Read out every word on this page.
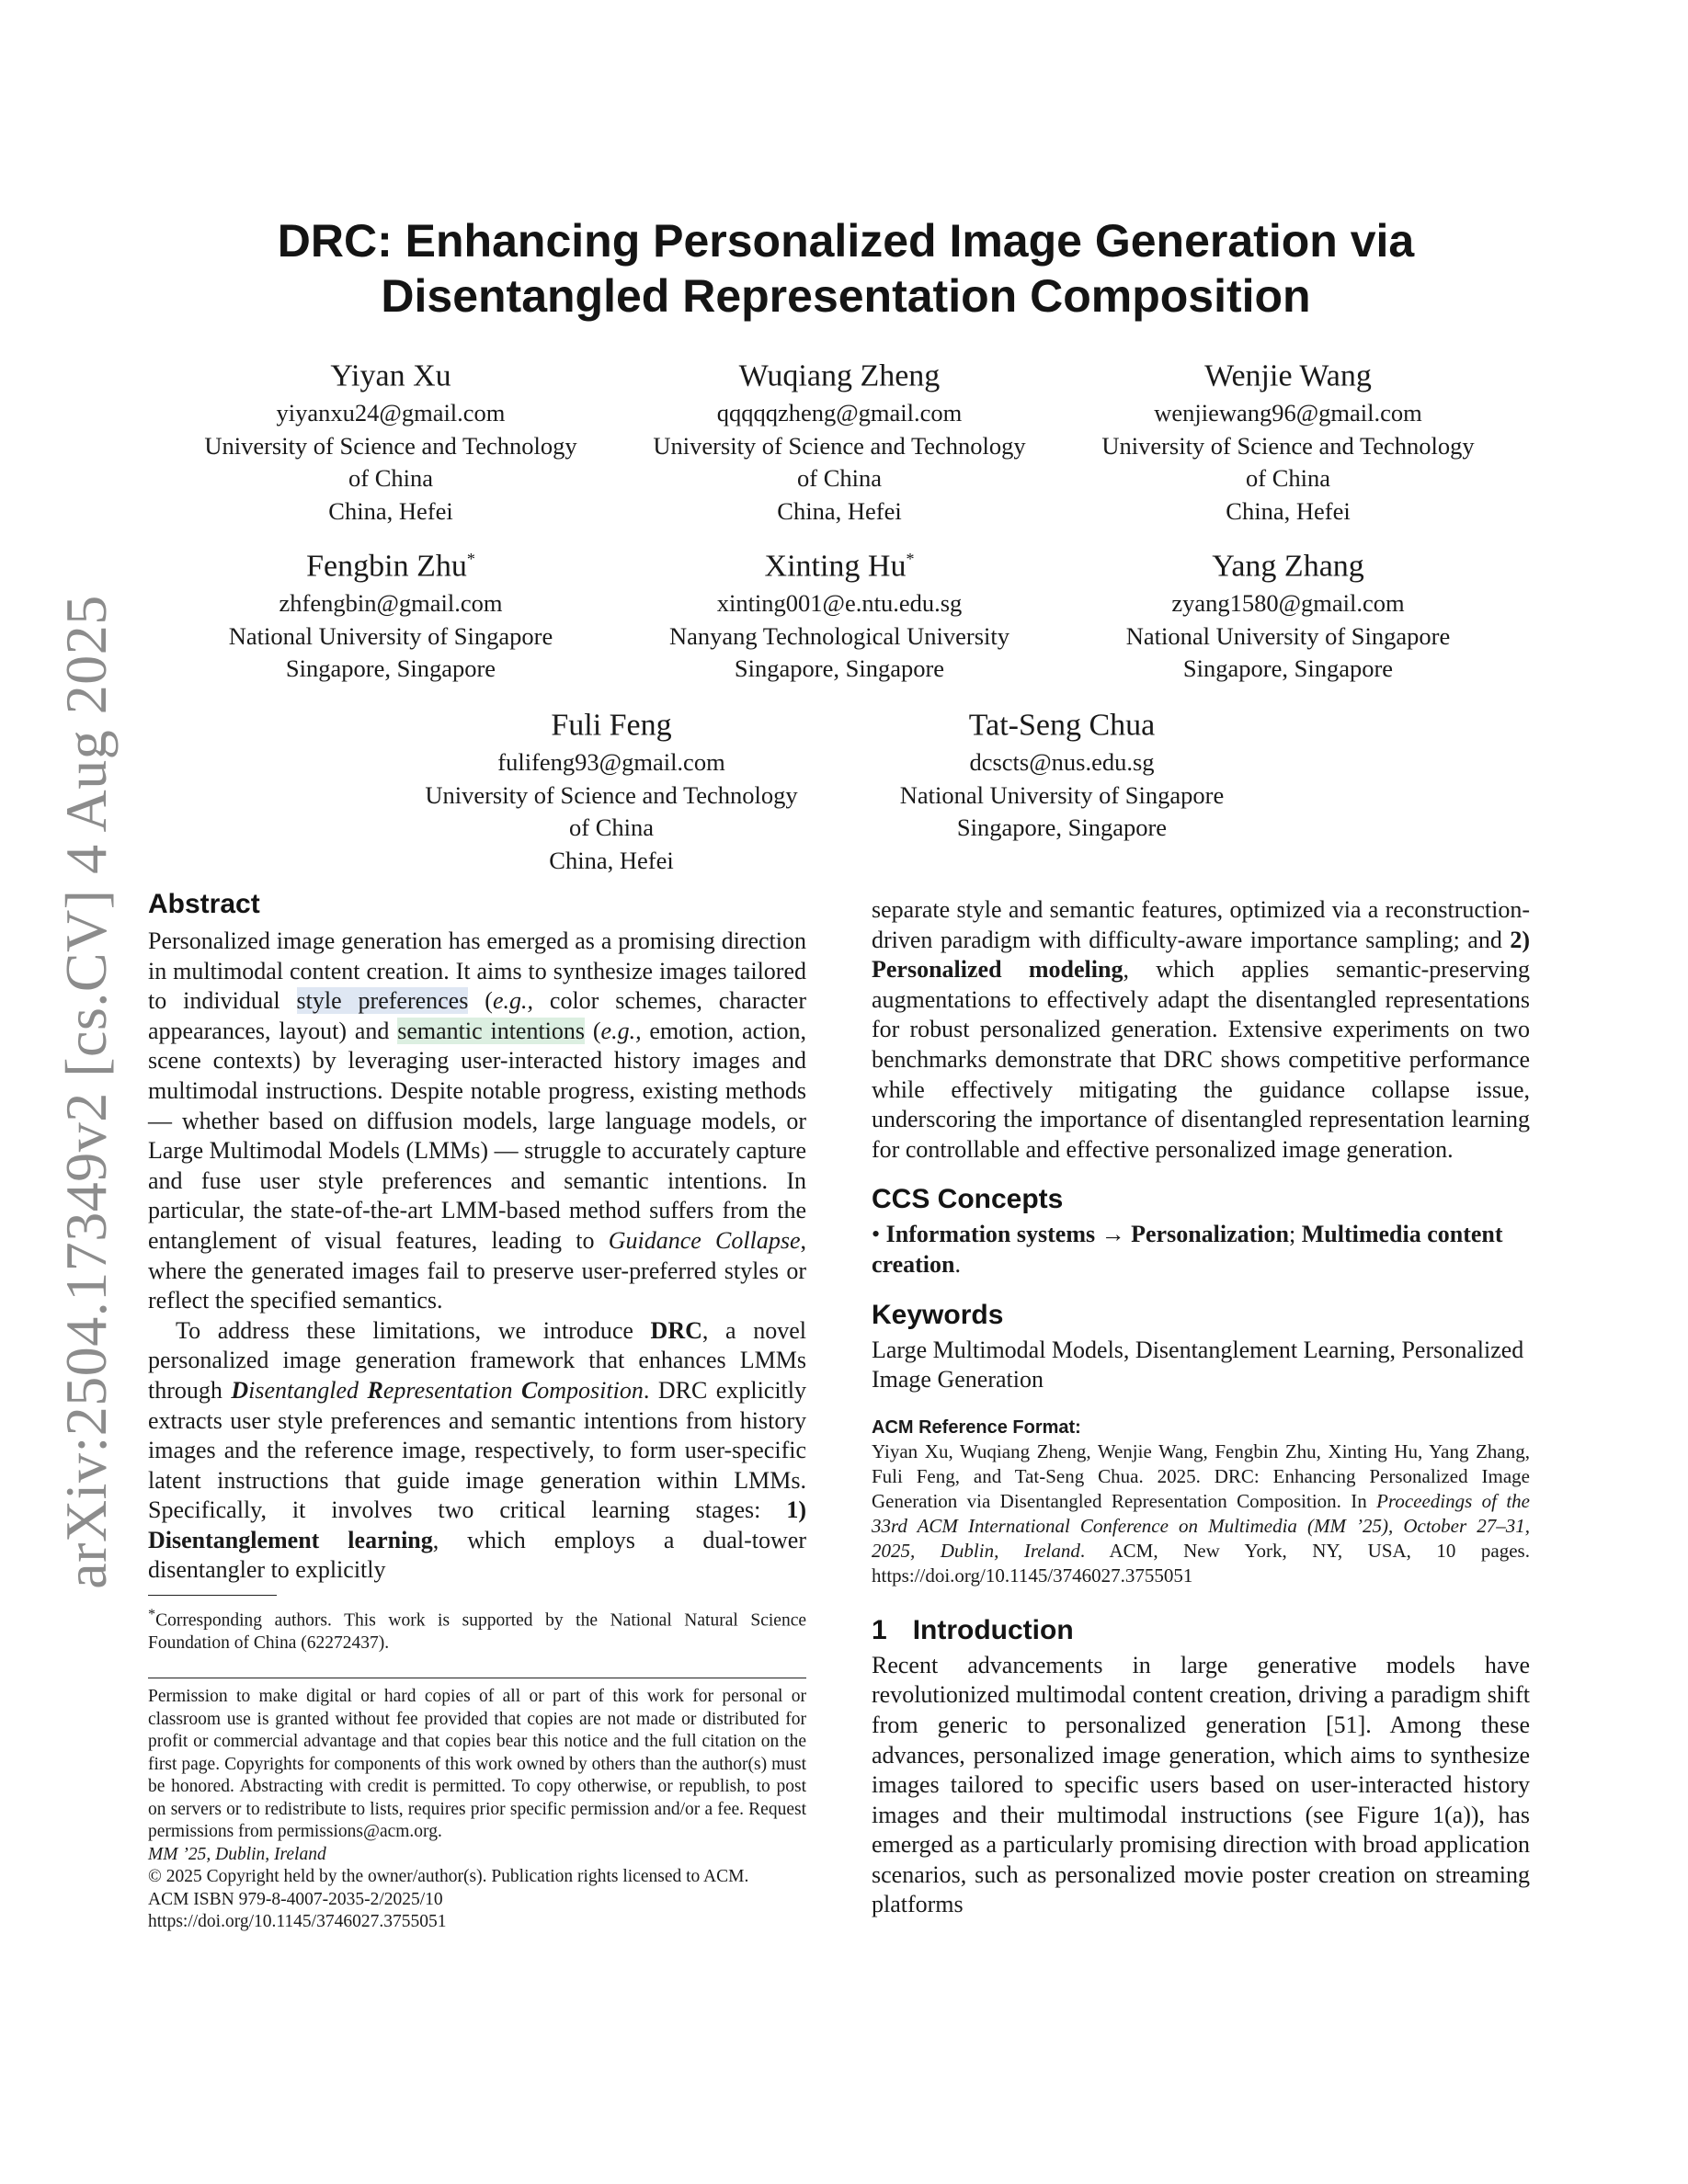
arXiv:2504.17349v2 [cs.CV] 4 Aug 2025
DRC: Enhancing Personalized Image Generation via
Disentangled Representation Composition
Yiyan Xu
yiyanxu24@gmail.com
University of Science and Technology
of China
China, Hefei
Wuqiang Zheng
qqqqqzheng@gmail.com
University of Science and Technology
of China
China, Hefei
Wenjie Wang
wenjiewang96@gmail.com
University of Science and Technology
of China
China, Hefei
Fengbin Zhu*
zhfengbin@gmail.com
National University of Singapore
Singapore, Singapore
Xinting Hu*
xinting001@e.ntu.edu.sg
Nanyang Technological University
Singapore, Singapore
Yang Zhang
zyang1580@gmail.com
National University of Singapore
Singapore, Singapore
Fuli Feng
fulifeng93@gmail.com
University of Science and Technology
of China
China, Hefei
Tat-Seng Chua
dcscts@nus.edu.sg
National University of Singapore
Singapore, Singapore
Abstract

Personalized image generation has emerged as a promising direction in multimodal content creation. It aims to synthesize images tailored to individual style preferences (e.g., color schemes, character appearances, layout) and semantic intentions (e.g., emotion, action, scene contexts) by leveraging user-interacted history images and multimodal instructions. Despite notable progress, existing methods — whether based on diffusion models, large language models, or Large Multimodal Models (LMMs) — struggle to accurately capture and fuse user style preferences and semantic intentions. In particular, the state-of-the-art LMM-based method suffers from the entanglement of visual features, leading to Guidance Collapse, where the generated images fail to preserve user-preferred styles or reflect the specified semantics.

To address these limitations, we introduce DRC, a novel personalized image generation framework that enhances LMMs through Disentangled Representation Composition. DRC explicitly extracts user style preferences and semantic intentions from history images and the reference image, respectively, to form user-specific latent instructions that guide image generation within LMMs. Specifically, it involves two critical learning stages: 1) Disentanglement learning, which employs a dual-tower disentangler to explicitly

*Corresponding authors. This work is supported by the National Natural Science Foundation of China (62272437).
Permission to make digital or hard copies of all or part of this work for personal or classroom use is granted without fee provided that copies are not made or distributed for profit or commercial advantage and that copies bear this notice and the full citation on the first page. Copyrights for components of this work owned by others than the author(s) must be honored. Abstracting with credit is permitted. To copy otherwise, or republish, to post on servers or to redistribute to lists, requires prior specific permission and/or a fee. Request permissions from permissions@acm.org.
MM ’25, Dublin, Ireland
© 2025 Copyright held by the owner/author(s). Publication rights licensed to ACM.
ACM ISBN 979-8-4007-2035-2/2025/10
https://doi.org/10.1145/3746027.3755051

separate style and semantic features, optimized via a reconstruction-driven paradigm with difficulty-aware importance sampling; and 2) Personalized modeling, which applies semantic-preserving augmentations to effectively adapt the disentangled representations for robust personalized generation. Extensive experiments on two benchmarks demonstrate that DRC shows competitive performance while effectively mitigating the guidance collapse issue, underscoring the importance of disentangled representation learning for controllable and effective personalized image generation.

CCS Concepts

• Information systems → Personalization; Multimedia content creation.

Keywords

Large Multimodal Models, Disentanglement Learning, Personalized Image Generation

ACM Reference Format:
Yiyan Xu, Wuqiang Zheng, Wenjie Wang, Fengbin Zhu, Xinting Hu, Yang Zhang, Fuli Feng, and Tat-Seng Chua. 2025. DRC: Enhancing Personalized Image Generation via Disentangled Representation Composition. In Proceedings of the 33rd ACM International Conference on Multimedia (MM ’25), October 27–31, 2025, Dublin, Ireland. ACM, New York, NY, USA, 10 pages. https://doi.org/10.1145/3746027.3755051
1 Introduction

Recent advancements in large generative models have revolutionized multimodal content creation, driving a paradigm shift from generic to personalized generation [51]. Among these advances, personalized image generation, which aims to synthesize images tailored to specific users based on user-interacted history images and their multimodal instructions (see Figure 1(a)), has emerged as a particularly promising direction with broad application scenarios, such as personalized movie poster creation on streaming platforms
